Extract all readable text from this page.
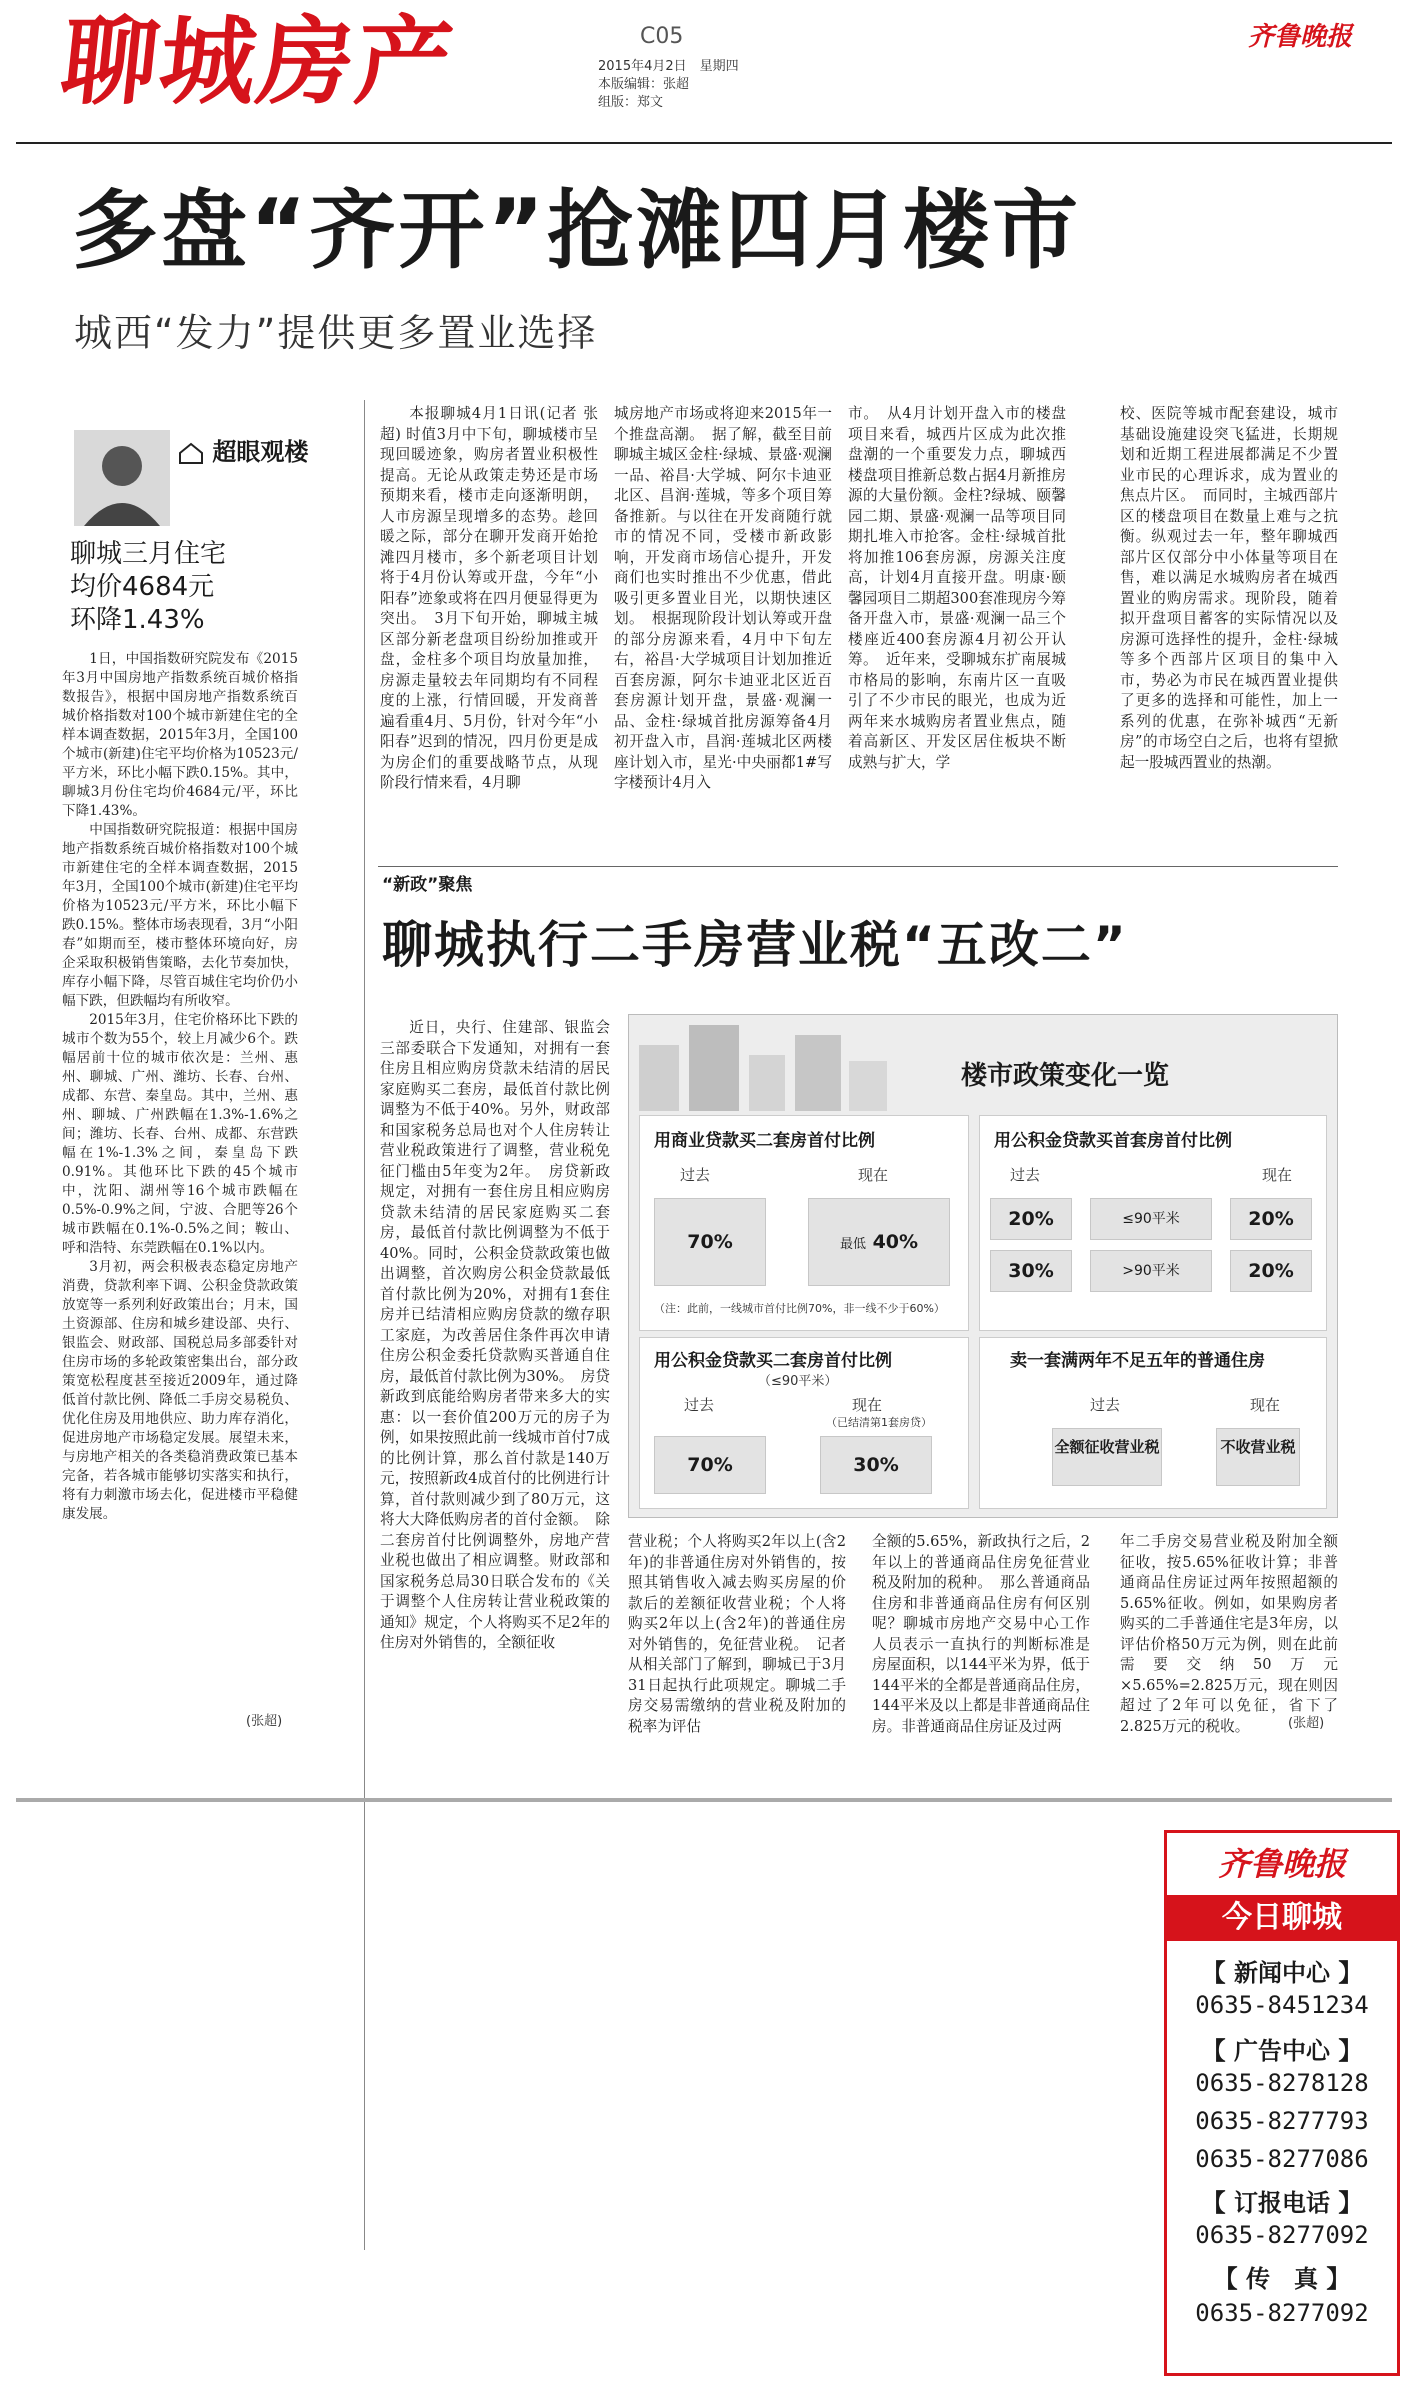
聊城房产	C05
2015年4月2日　星期四
本版编辑：张超
组版：郑文
齐鲁晚报
多盘“齐开”抢滩四月楼市
城西“发力”提供更多置业选择
超眼观楼
聊城三月住宅
均价4684元
环降1.43%

1日，中国指数研究院发布《2015年3月中国房地产指数系统百城价格指数报告》，根据中国房地产指数系统百城价格指数对100个城市新建住宅的全样本调查数据，2015年3月，全国100个城市(新建)住宅平均价格为10523元/平方米，环比小幅下跌0.15%。其中，聊城3月份住宅均价4684元/平，环比下降1.43%。

中国指数研究院报道：根据中国房地产指数系统百城价格指数对100个城市新建住宅的全样本调查数据，2015年3月，全国100个城市(新建)住宅平均价格为10523元/平方米，环比小幅下跌0.15%。整体市场表现看，3月“小阳春”如期而至，楼市整体环境向好，房企采取积极销售策略，去化节奏加快，库存小幅下降，尽管百城住宅均价仍小幅下跌，但跌幅均有所收窄。

2015年3月，住宅价格环比下跌的城市个数为55个，较上月减少6个。跌幅居前十位的城市依次是：兰州、惠州、聊城、广州、潍坊、长春、台州、成都、东营、秦皇岛。其中，兰州、惠州、聊城、广州跌幅在1.3%-1.6%之间；潍坊、长春、台州、成都、东营跌幅在1%-1.3%之间，秦皇岛下跌0.91%。其他环比下跌的45个城市中，沈阳、湖州等16个城市跌幅在0.5%-0.9%之间，宁波、合肥等26个城市跌幅在0.1%-0.5%之间；鞍山、呼和浩特、东莞跌幅在0.1%以内。

3月初，两会积极表态稳定房地产消费，贷款利率下调、公积金贷款政策放宽等一系列利好政策出台；月末，国土资源部、住房和城乡建设部、央行、银监会、财政部、国税总局多部委针对住房市场的多轮政策密集出台，部分政策宽松程度甚至接近2009年，通过降低首付款比例、降低二手房交易税负、优化住房及用地供应、助力库存消化，促进房地产市场稳定发展。展望未来，与房地产相关的各类稳消费政策已基本完备，若各城市能够切实落实和执行，将有力刺激市场去化，促进楼市平稳健康发展。

(张超)

本报聊城4月1日讯(记者 张超) 时值3月中下旬，聊城楼市呈现回暖迹象，购房者置业积极性提高。无论从政策走势还是市场预期来看，楼市走向逐渐明朗，人市房源呈现增多的态势。趁回暖之际，部分在聊开发商开始抢滩四月楼市，多个新老项目计划将于4月份认筹或开盘，今年“小阳春”迹象或将在四月便显得更为突出。　3月下旬开始，聊城主城区部分新老盘项目纷纷加推或开盘，金柱多个项目均放量加推，房源走量较去年同期均有不同程度的上涨，行情回暖，开发商普遍看重4月、5月份，针对今年“小阳春”迟到的情况，四月份更是成为房企们的重要战略节点，从现阶段行情来看，4月聊

城房地产市场或将迎来2015年一个推盘高潮。　据了解，截至目前聊城主城区金柱·绿城、景盛·观澜一品、裕昌·大学城、阿尔卡迪亚北区、昌润·莲城，等多个项目筹备推新。与以往在开发商随行就市的情况不同，受楼市新政影响，开发商市场信心提升，开发商们也实时推出不少优惠，借此吸引更多置业目光，以期快速区划。　根据现阶段计划认筹或开盘的部分房源来看，4月中下旬左右，裕昌·大学城项目计划加推近百套房源，阿尔卡迪亚北区近百套房源计划开盘，景盛·观澜一品、金柱·绿城首批房源筹备4月初开盘入市，昌润·莲城北区两楼座计划入市，星光·中央丽都1#写字楼预计4月入

市。　从4月计划开盘入市的楼盘项目来看，城西片区成为此次推盘潮的一个重要发力点，聊城西楼盘项目推新总数占据4月新推房源的大量份额。金柱?绿城、颐馨园二期、景盛·观澜一品等项目同期扎堆入市抢客。金柱·绿城首批将加推106套房源，房源关注度高，计划4月直接开盘。明康·颐馨园项目二期超300套准现房今筹备开盘入市，景盛·观澜一品三个楼座近400套房源4月初公开认筹。　近年来，受聊城东扩南展城市格局的影响，东南片区一直吸引了不少市民的眼光，也成为近两年来水城购房者置业焦点，随着高新区、开发区居住板块不断成熟与扩大，学

校、医院等城市配套建设，城市基础设施建设突飞猛进，长期规划和近期工程进展都满足不少置业市民的心理诉求，成为置业的焦点片区。　而同时，主城西部片区的楼盘项目在数量上难与之抗衡。纵观过去一年，整年聊城西部片区仅部分中小体量等项目在售，难以满足水城购房者在城西置业的购房需求。现阶段，随着拟开盘项目蓄客的实际情况以及房源可选择性的提升，金柱·绿城等多个西部片区项目的集中入市，势必为市民在城西置业提供了更多的选择和可能性，加上一系列的优惠，在弥补城西“无新房”的市场空白之后，也将有望掀起一股城西置业的热潮。

“新政”聚焦
聊城执行二手房营业税“五改二”

近日，央行、住建部、银监会三部委联合下发通知，对拥有一套住房且相应购房贷款未结清的居民家庭购买二套房，最低首付款比例调整为不低于40%。另外，财政部和国家税务总局也对个人住房转让营业税政策进行了调整，营业税免征门槛由5年变为2年。　房贷新政规定，对拥有一套住房且相应购房贷款未结清的居民家庭购买二套房，最低首付款比例调整为不低于40%。同时，公积金贷款政策也做出调整，首次购房公积金贷款最低首付款比例为20%，对拥有1套住房并已结清相应购房贷款的缴存职工家庭，为改善居住条件再次申请住房公积金委托贷款购买普通自住房，最低首付款比例为30%。　房贷新政到底能给购房者带来多大的实惠：以一套价值200万元的房子为例，如果按照此前一线城市首付7成的比例计算，那么首付款是140万元，按照新政4成首付的比例进行计算，首付款则减少到了80万元，这将大大降低购房者的首付金额。　除二套房首付比例调整外，房地产营业税也做出了相应调整。财政部和国家税务总局30日联合发布的《关于调整个人住房转让营业税政策的通知》规定，个人将购买不足2年的住房对外销售的，全额征收

营业税；个人将购买2年以上(含2年)的非普通住房对外销售的，按照其销售收入减去购买房屋的价款后的差额征收营业税；个人将购买2年以上(含2年)的普通住房对外销售的，免征营业税。　记者从相关部门了解到，聊城已于3月31日起执行此项规定。聊城二手房交易需缴纳的营业税及附加的税率为评估

全额的5.65%，新政执行之后，2年以上的普通商品住房免征营业税及附加的税种。　那么普通商品住房和非普通商品住房有何区别呢？聊城市房地产交易中心工作人员表示一直执行的判断标准是房屋面积，以144平米为界，低于144平米的全都是普通商品住房，144平米及以上都是非普通商品住房。非普通商品住房证及过两

年二手房交易营业税及附加全额征收，按5.65%征收计算；非普通商品住房证过两年按照超额的5.65%征收。例如，如果购房者购买的二手普通住宅是3年房，以评估价格50万元为例，则在此前需要交纳50万元×5.65%=2.825万元，现在则因超过了2年可以免征，省下了2.825万元的税收。	(张超)
楼市政策变化一览
用商业贷款买二套房首付比例
过去	现在
70%	最低 40%
（注：此前，一线城市首付比例70%，非一线不少于60%）
用公积金贷款买首套房首付比例
过去	现在
20%	≤90平米	20%
30%	>90平米	20%
用公积金贷款买二套房首付比例
（≤90平米）
过去	现在
（已结清第1套房贷）
70%	30%
卖一套满两年不足五年的普通住房
过去	现在
全额征收营业税	不收营业税
齐鲁晚报
今日聊城
【 新闻中心 】
0635-8451234
【 广告中心 】
0635-8278128
0635-8277793
0635-8277086
【 订报电话 】
0635-8277092
【 传　真 】
0635-8277092
